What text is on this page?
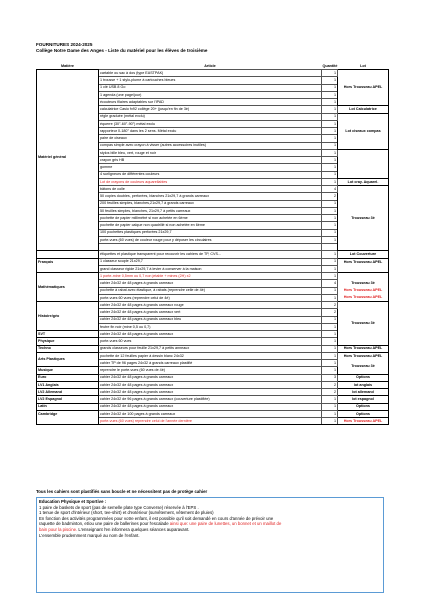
FOURNITURES 2024-2025
Collège Notre Dame des Anges - Liste du matériel pour les élèves de troisième
Matière	Article	Quantité	Lot
Matériel général	cartable ou sac à dos (type EASTPAK)	1	Hors Trousseau APEL
	1 trousse + 1 stylo-plume à cartouches bleues	1	
	1 clé USB 8 Go	1	
	1 agenda (une page/jour)	1	
	écouteurs filaires adaptables sur l'IPAD	1	
	calculatrice Casio fx92 collège 20+ (jusqu'en fin de 3è)	1	Lot Calculatrice
	règle graduée (métal exclu)	1	Lot ciseaux compas
	équerre (30°-60°-90°) métal exclu	1	
	rapporteur 0-180° dans les 2 sens. Métal exclu	1	
	paire de ciseaux	1	
	compas simple avec crayon à visser (autres accessoires inutiles)	1	
	stylos bille bleu, vert, rouge et noir	1	
	crayon gris HB	1	
	gomme	1	
	4 surligneurs de différentes couleurs	1	
	Lot de crayons de couleurs aquarellables	1	Lot cray. Aquarel.
	bâtons de colle	4	Trousseau 3è
	50 copies doubles, perforées, blanches 21x29,7 à grands carreaux	2	
	200 feuilles simples, blanches,21x29,7 à grands carreaux	1	
	50 feuilles simples, blanches, 21x29,7 à petits carreaux	1	
	pochette de papier millimétré si non achetée en 6ème	1	
	pochette de papier calque non quadrillé si non achetée en 6ème	1	
	100 pochettes plastiques perforées 21x29,7	1	
	porte-vues (60 vues) de couleur rouge pour y déposer les circulaires	1	

	étiquettes et plastique transparent pour recouvrir les cahiers de TP, CVS...	1	Lot Couverture
Français	1 classeur souple 21x29,7	1	Hors Trousseau APEL
	grand classeur rigide 21x29,7 à levier à conserver à la maison	1	
Mathématiques	1 porte-mine 0,5mm ou 0,7 non jetable + mines (2H) x2	1	
	cahier 24x32 de 48 pages à grands carreaux	4	Trousseau 3è
	pochette à rabat avec élastique, à rabats (reprendre celle de 4è)	1	Hors Trousseau APEL
	porte-vues 60 vues (reprendre celui de 4è)	1	Hors Trousseau APEL
Histoire/géo	cahier 24x32 de 48 pages à grands carreaux rouge	2	Trousseau 3è
	cahier 24x32 de 48 pages à grands carreaux vert	2	
	cahier 24x32 de 48 pages à grands carreaux bleu	1	
	feutre fin noir (mine 0,5 ou 0,7)	1	
SVT	cahier 24x32 de 48 pages à grands carreaux	1	
Physique	porte-vues 60 vues	1	
Techno	grands classeurs pour feuille 21x29,7 à petits anneaux	1	Hors Trousseau APEL
Arts Plastiques	pochette de 12 feuilles papier à dessin blanc 24x32	1	Hors Trousseau APEL
	cahier TP de 96 pages 24x32 à grands carreaux plastifié	1	Trousseau 3è
Musique	reprendre le porte-vues (60 vues de 4è)	1	
Euro	cahier 24x32 de 48 pages à grands carreaux	3	Options
LV1 Anglais	cahier 24x32 de 48 pages à grands carreaux	2	lot anglais
LV2 Allemand	cahier 24x32 de 48 pages à grands carreaux	2	lot allemand
LV2 Espagnol	cahier 24x32 de 96 pages à grands carreaux (couverture plastifiée)	1	lot espagnol
Latin	cahier 24x32 de 48 pages à grands carreaux	1	Options
Cambridge	cahier 24x32 de 100 pages à grands carreaux	1	Options
	porte-vues (60 vues) reprendre celui de l'année dernière	1	Hors Trousseau APEL
Tous les cahiers sont plastifiés sans boucle et ne nécessitent pas de protège cahier
Education Physique et Sportive :
1 paire de baskets de sport (pas de semelle plate type Converse) réservée à l'EPS .
1 tenue de sport d'intérieur (short, tee-shirt) et d'extérieur (survêtement, vêtement de pluies)
En fonction des activités programmées pour votre enfant, il est possible qu'il soit demandé en cours d'année de prévoir une
raquette de badminton, et/ou une paire de ballerines pour l'escalade ainsi que: une paire de lunettes, un bonnet et un maillot de
bain pour la piscine. L'enseignant l'en informera quelques séances auparavant.
L'ensemble prudemment marqué au nom de l'enfant.
